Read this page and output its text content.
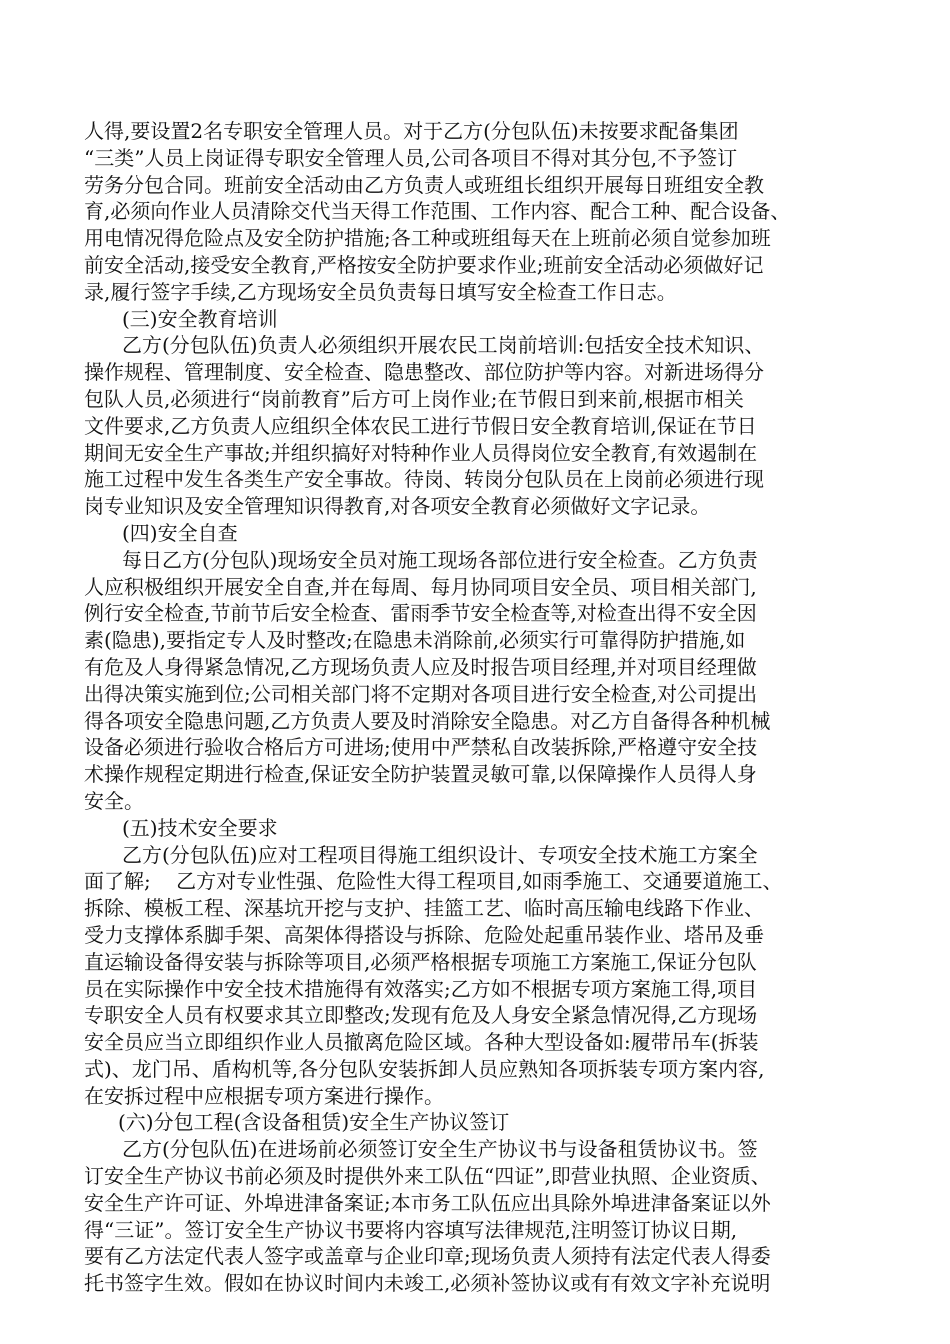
人得,要设置2名专职安全管理人员。对于乙方(分包队伍)未按要求配备集团
“三类”人员上岗证得专职安全管理人员,公司各项目不得对其分包,不予签订
劳务分包合同。班前安全活动由乙方负责人或班组长组织开展每日班组安全教
育,必须向作业人员清除交代当天得工作范围、工作内容、配合工种、配合设备、
用电情况得危险点及安全防护措施;各工种或班组每天在上班前必须自觉参加班
前安全活动,接受安全教育,严格按安全防护要求作业;班前安全活动必须做好记
录,履行签字手续,乙方现场安全员负责每日填写安全检查工作日志。
(三)安全教育培训
乙方(分包队伍)负责人必须组织开展农民工岗前培训:包括安全技术知识、
操作规程、管理制度、安全检查、隐患整改、部位防护等内容。对新进场得分
包队人员,必须进行“岗前教育”后方可上岗作业;在节假日到来前,根据市相关
文件要求,乙方负责人应组织全体农民工进行节假日安全教育培训,保证在节日
期间无安全生产事故;并组织搞好对特种作业人员得岗位安全教育,有效遏制在
施工过程中发生各类生产安全事故。待岗、转岗分包队员在上岗前必须进行现
岗专业知识及安全管理知识得教育,对各项安全教育必须做好文字记录。
(四)安全自查
每日乙方(分包队)现场安全员对施工现场各部位进行安全检查。乙方负责
人应积极组织开展安全自查,并在每周、每月协同项目安全员、项目相关部门,
例行安全检查,节前节后安全检查、雷雨季节安全检查等,对检查出得不安全因
素(隐患),要指定专人及时整改;在隐患未消除前,必须实行可靠得防护措施,如
有危及人身得紧急情况,乙方现场负责人应及时报告项目经理,并对项目经理做
出得决策实施到位;公司相关部门将不定期对各项目进行安全检查,对公司提出
得各项安全隐患问题,乙方负责人要及时消除安全隐患。对乙方自备得各种机械
设备必须进行验收合格后方可进场;使用中严禁私自改装拆除,严格遵守安全技
术操作规程定期进行检查,保证安全防护装置灵敏可靠,以保障操作人员得人身
安全。
(五)技术安全要求
乙方(分包队伍)应对工程项目得施工组织设计、专项安全技术施工方案全
面了解;    乙方对专业性强、危险性大得工程项目,如雨季施工、交通要道施工、
拆除、模板工程、深基坑开挖与支护、挂篮工艺、临时高压输电线路下作业、
受力支撑体系脚手架、高架体得搭设与拆除、危险处起重吊装作业、塔吊及垂
直运输设备得安装与拆除等项目,必须严格根据专项施工方案施工,保证分包队
员在实际操作中安全技术措施得有效落实;乙方如不根据专项方案施工得,项目
专职安全人员有权要求其立即整改;发现有危及人身安全紧急情况得,乙方现场
安全员应当立即组织作业人员撤离危险区域。各种大型设备如:履带吊车(拆装
式)、龙门吊、盾构机等,各分包队安装拆卸人员应熟知各项拆装专项方案内容,
在安拆过程中应根据专项方案进行操作。
(六)分包工程(含设备租赁)安全生产协议签订
乙方(分包队伍)在进场前必须签订安全生产协议书与设备租赁协议书。签
订安全生产协议书前必须及时提供外来工队伍“四证”,即营业执照、企业资质、
安全生产许可证、外埠进津备案证;本市务工队伍应出具除外埠进津备案证以外
得“三证”。签订安全生产协议书要将内容填写法律规范,注明签订协议日期,
要有乙方法定代表人签字或盖章与企业印章;现场负责人须持有法定代表人得委
托书签字生效。假如在协议时间内未竣工,必须补签协议或有有效文字补充说明
